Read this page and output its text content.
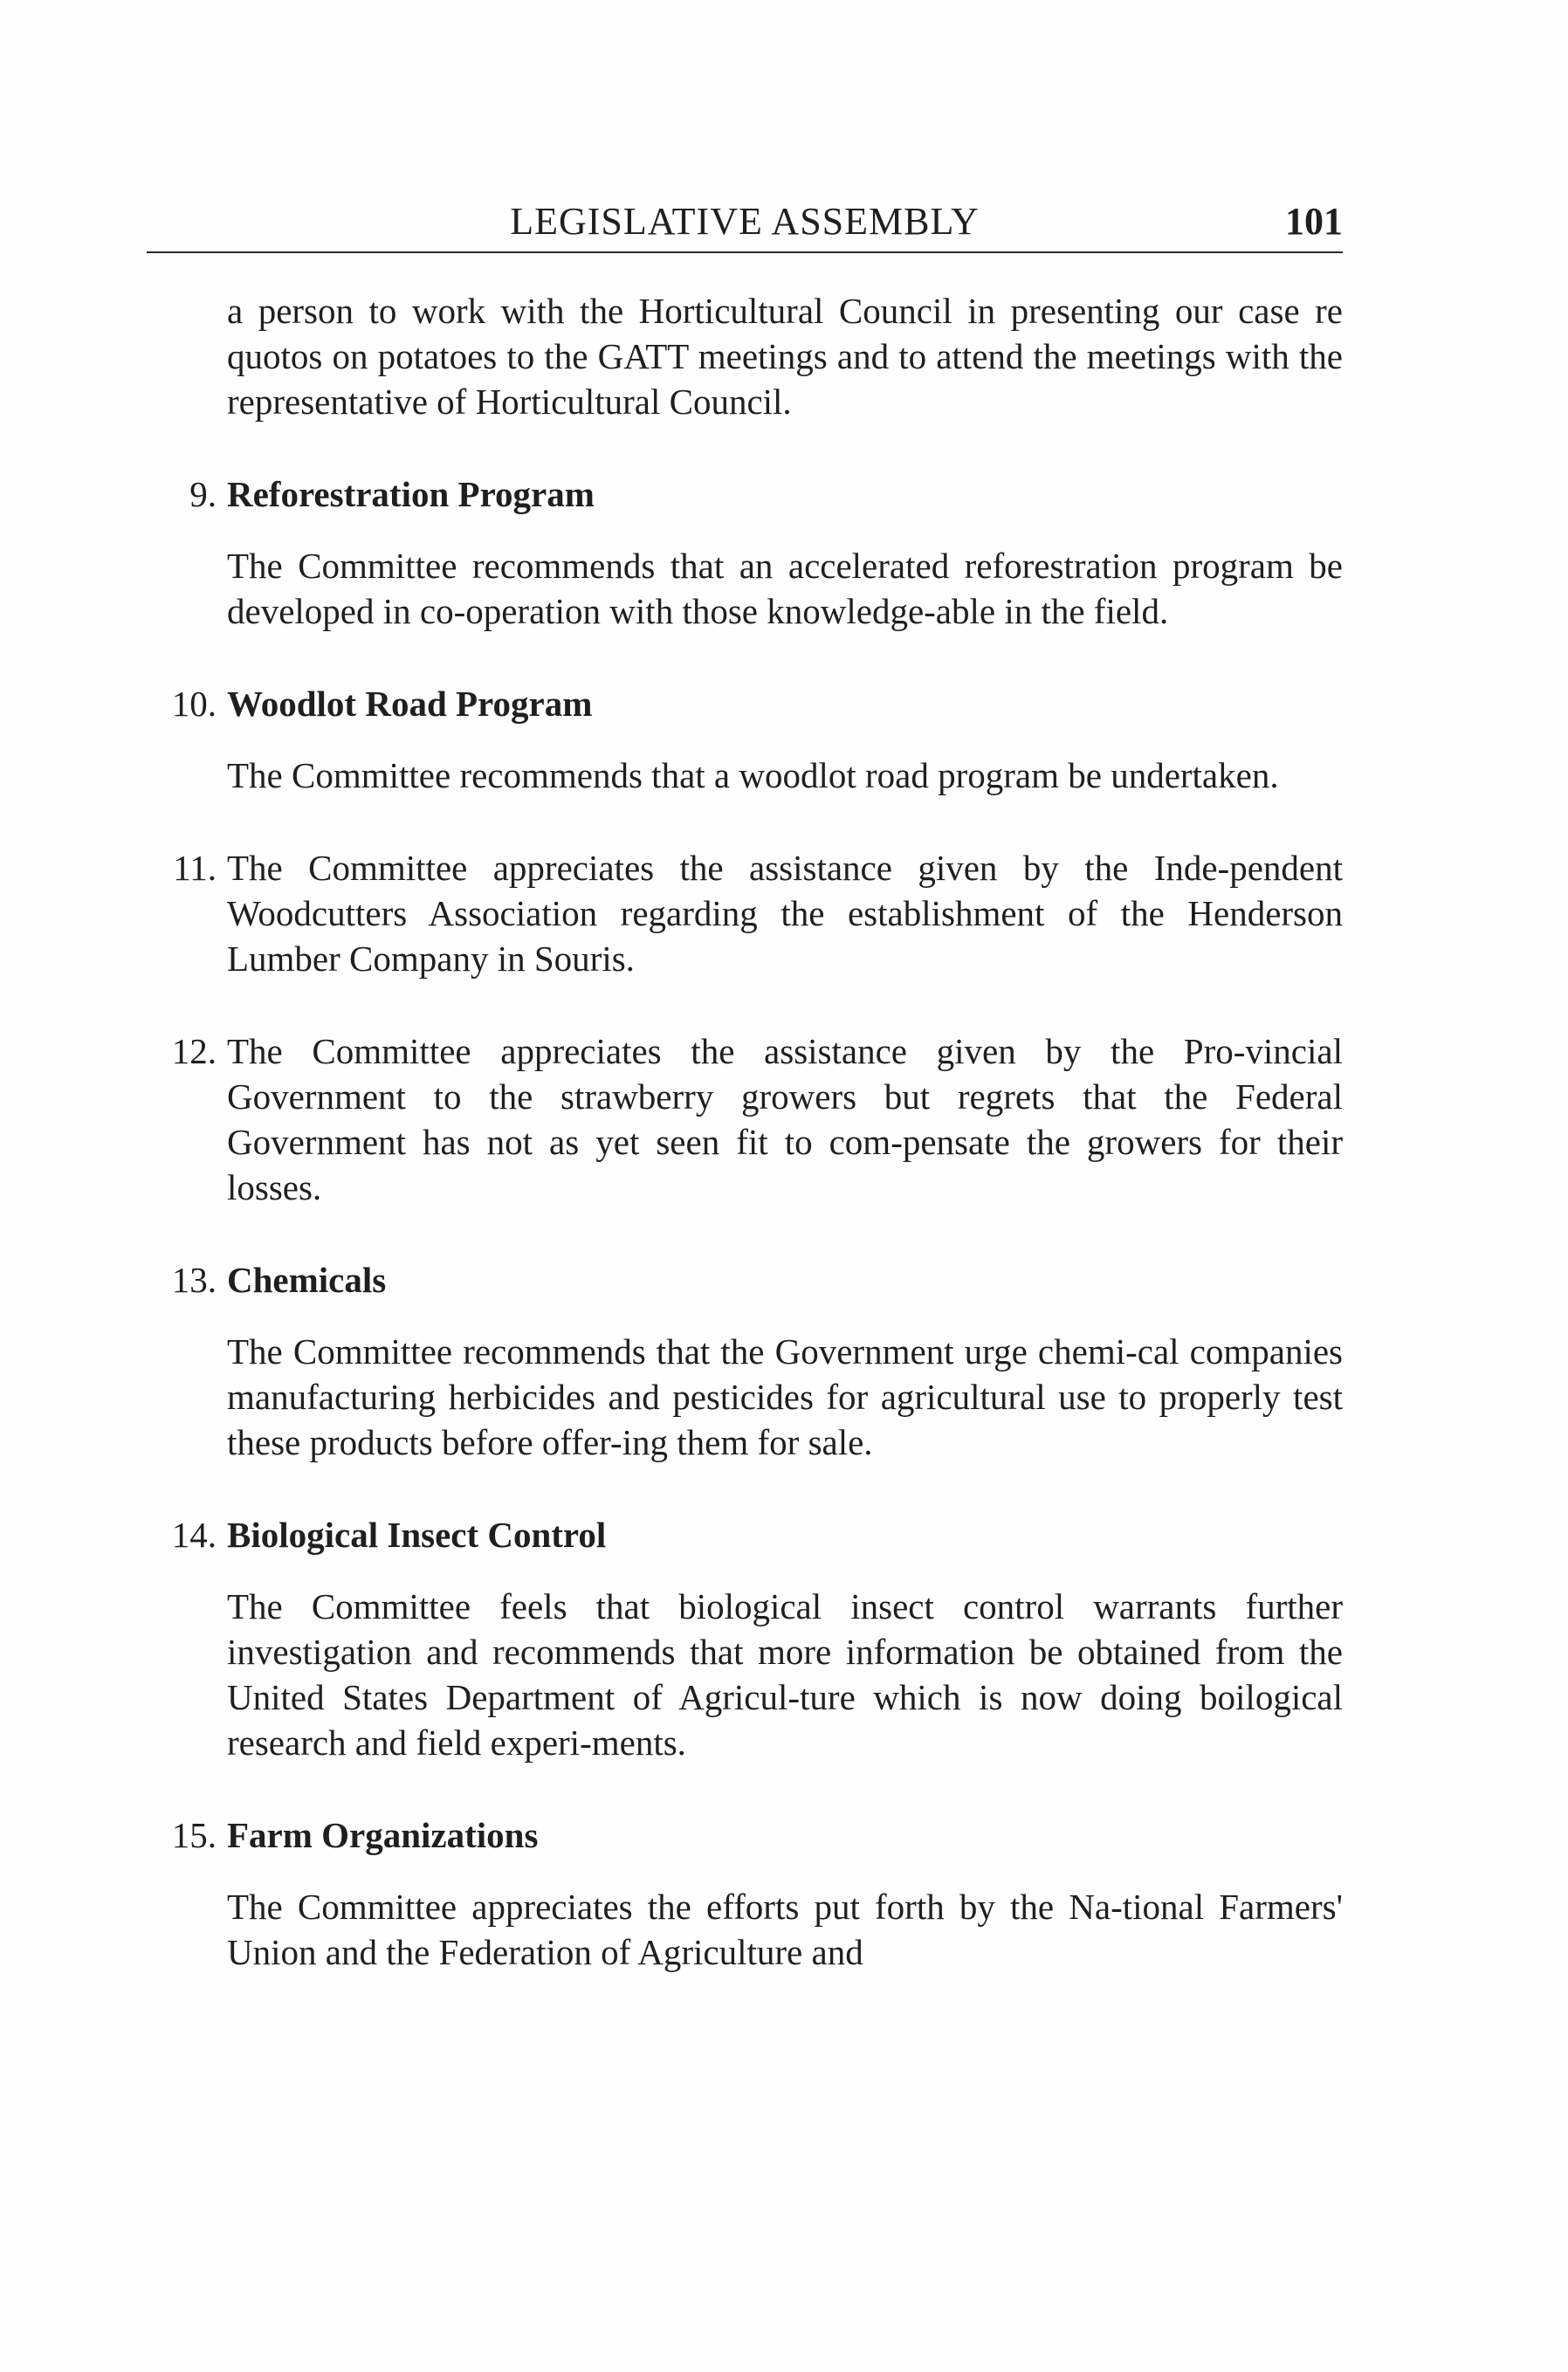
LEGISLATIVE ASSEMBLY	101

a person to work with the Horticultural Council in presenting our case re quotos on potatoes to the GATT meetings and to attend the meetings with the representative of Horticultural Council.

9. Reforestration Program

The Committee recommends that an accelerated reforestration program be developed in co-operation with those knowledge-able in the field.

10. Woodlot Road Program

The Committee recommends that a woodlot road program be undertaken.

11. The Committee appreciates the assistance given by the Inde-pendent Woodcutters Association regarding the establishment of the Henderson Lumber Company in Souris.

12. The Committee appreciates the assistance given by the Pro-vincial Government to the strawberry growers but regrets that the Federal Government has not as yet seen fit to com-pensate the growers for their losses.

13. Chemicals

The Committee recommends that the Government urge chemi-cal companies manufacturing herbicides and pesticides for agricultural use to properly test these products before offer-ing them for sale.

14. Biological Insect Control

The Committee feels that biological insect control warrants further investigation and recommends that more information be obtained from the United States Department of Agricul-ture which is now doing boilogical research and field experi-ments.

15. Farm Organizations

The Committee appreciates the efforts put forth by the Na-tional Farmers' Union and the Federation of Agriculture and
